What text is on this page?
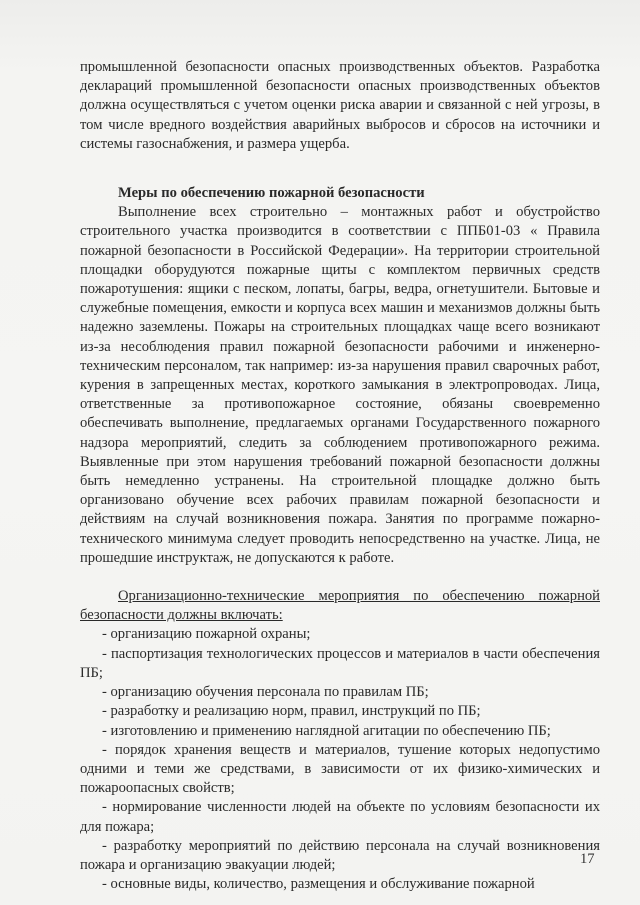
промышленной безопасности опасных производственных объектов. Разработка деклараций промышленной безопасности опасных производственных объектов должна осуществляться с учетом оценки риска аварии и связанной с ней угрозы, в том числе вредного воздействия аварийных выбросов и сбросов на источники и системы газоснабжения, и размера ущерба.

Меры по обеспечению пожарной безопасности

Выполнение всех строительно – монтажных работ и обустройство строительного участка производится в соответствии с ППБ01-03 « Правила пожарной безопасности в Российской Федерации». На территории строительной площадки оборудуются пожарные щиты с комплектом первичных средств пожаротушения: ящики с песком, лопаты, багры, ведра, огнетушители. Бытовые и служебные помещения, емкости и корпуса всех машин и механизмов должны быть надежно заземлены. Пожары на строительных площадках чаще всего возникают из-за несоблюдения правил пожарной безопасности рабочими и инженерно-техническим персоналом, так например: из-за нарушения правил сварочных работ, курения в запрещенных местах, короткого замыкания в электропроводах. Лица, ответственные за противопожарное состояние, обязаны своевременно обеспечивать выполнение, предлагаемых органами Государственного пожарного надзора мероприятий, следить за соблюдением противопожарного режима. Выявленные при этом нарушения требований пожарной безопасности должны быть немедленно устранены. На строительной площадке должно быть организовано обучение всех рабочих правилам пожарной безопасности и действиям на случай возникновения пожара. Занятия по программе пожарно-технического минимума следует проводить непосредственно на участке. Лица, не прошедшие инструктаж, не допускаются к работе.

Организационно-технические мероприятия по обеспечению пожарной безопасности должны включать:

- организацию пожарной охраны;

- паспортизация технологических процессов и материалов в части обеспечения ПБ;

- организацию обучения персонала по правилам ПБ;

- разработку и реализацию норм, правил, инструкций по ПБ;

- изготовлению и применению наглядной агитации по обеспечению ПБ;

- порядок хранения веществ и материалов, тушение которых недопустимо одними и теми же средствами, в зависимости от их физико-химических и пожароопасных свойств;

- нормирование численности людей на объекте по условиям безопасности их для пожара;

- разработку мероприятий по действию персонала на случай возникновения пожара и организацию эвакуации людей;

- основные виды, количество, размещения и обслуживание пожарной

17
